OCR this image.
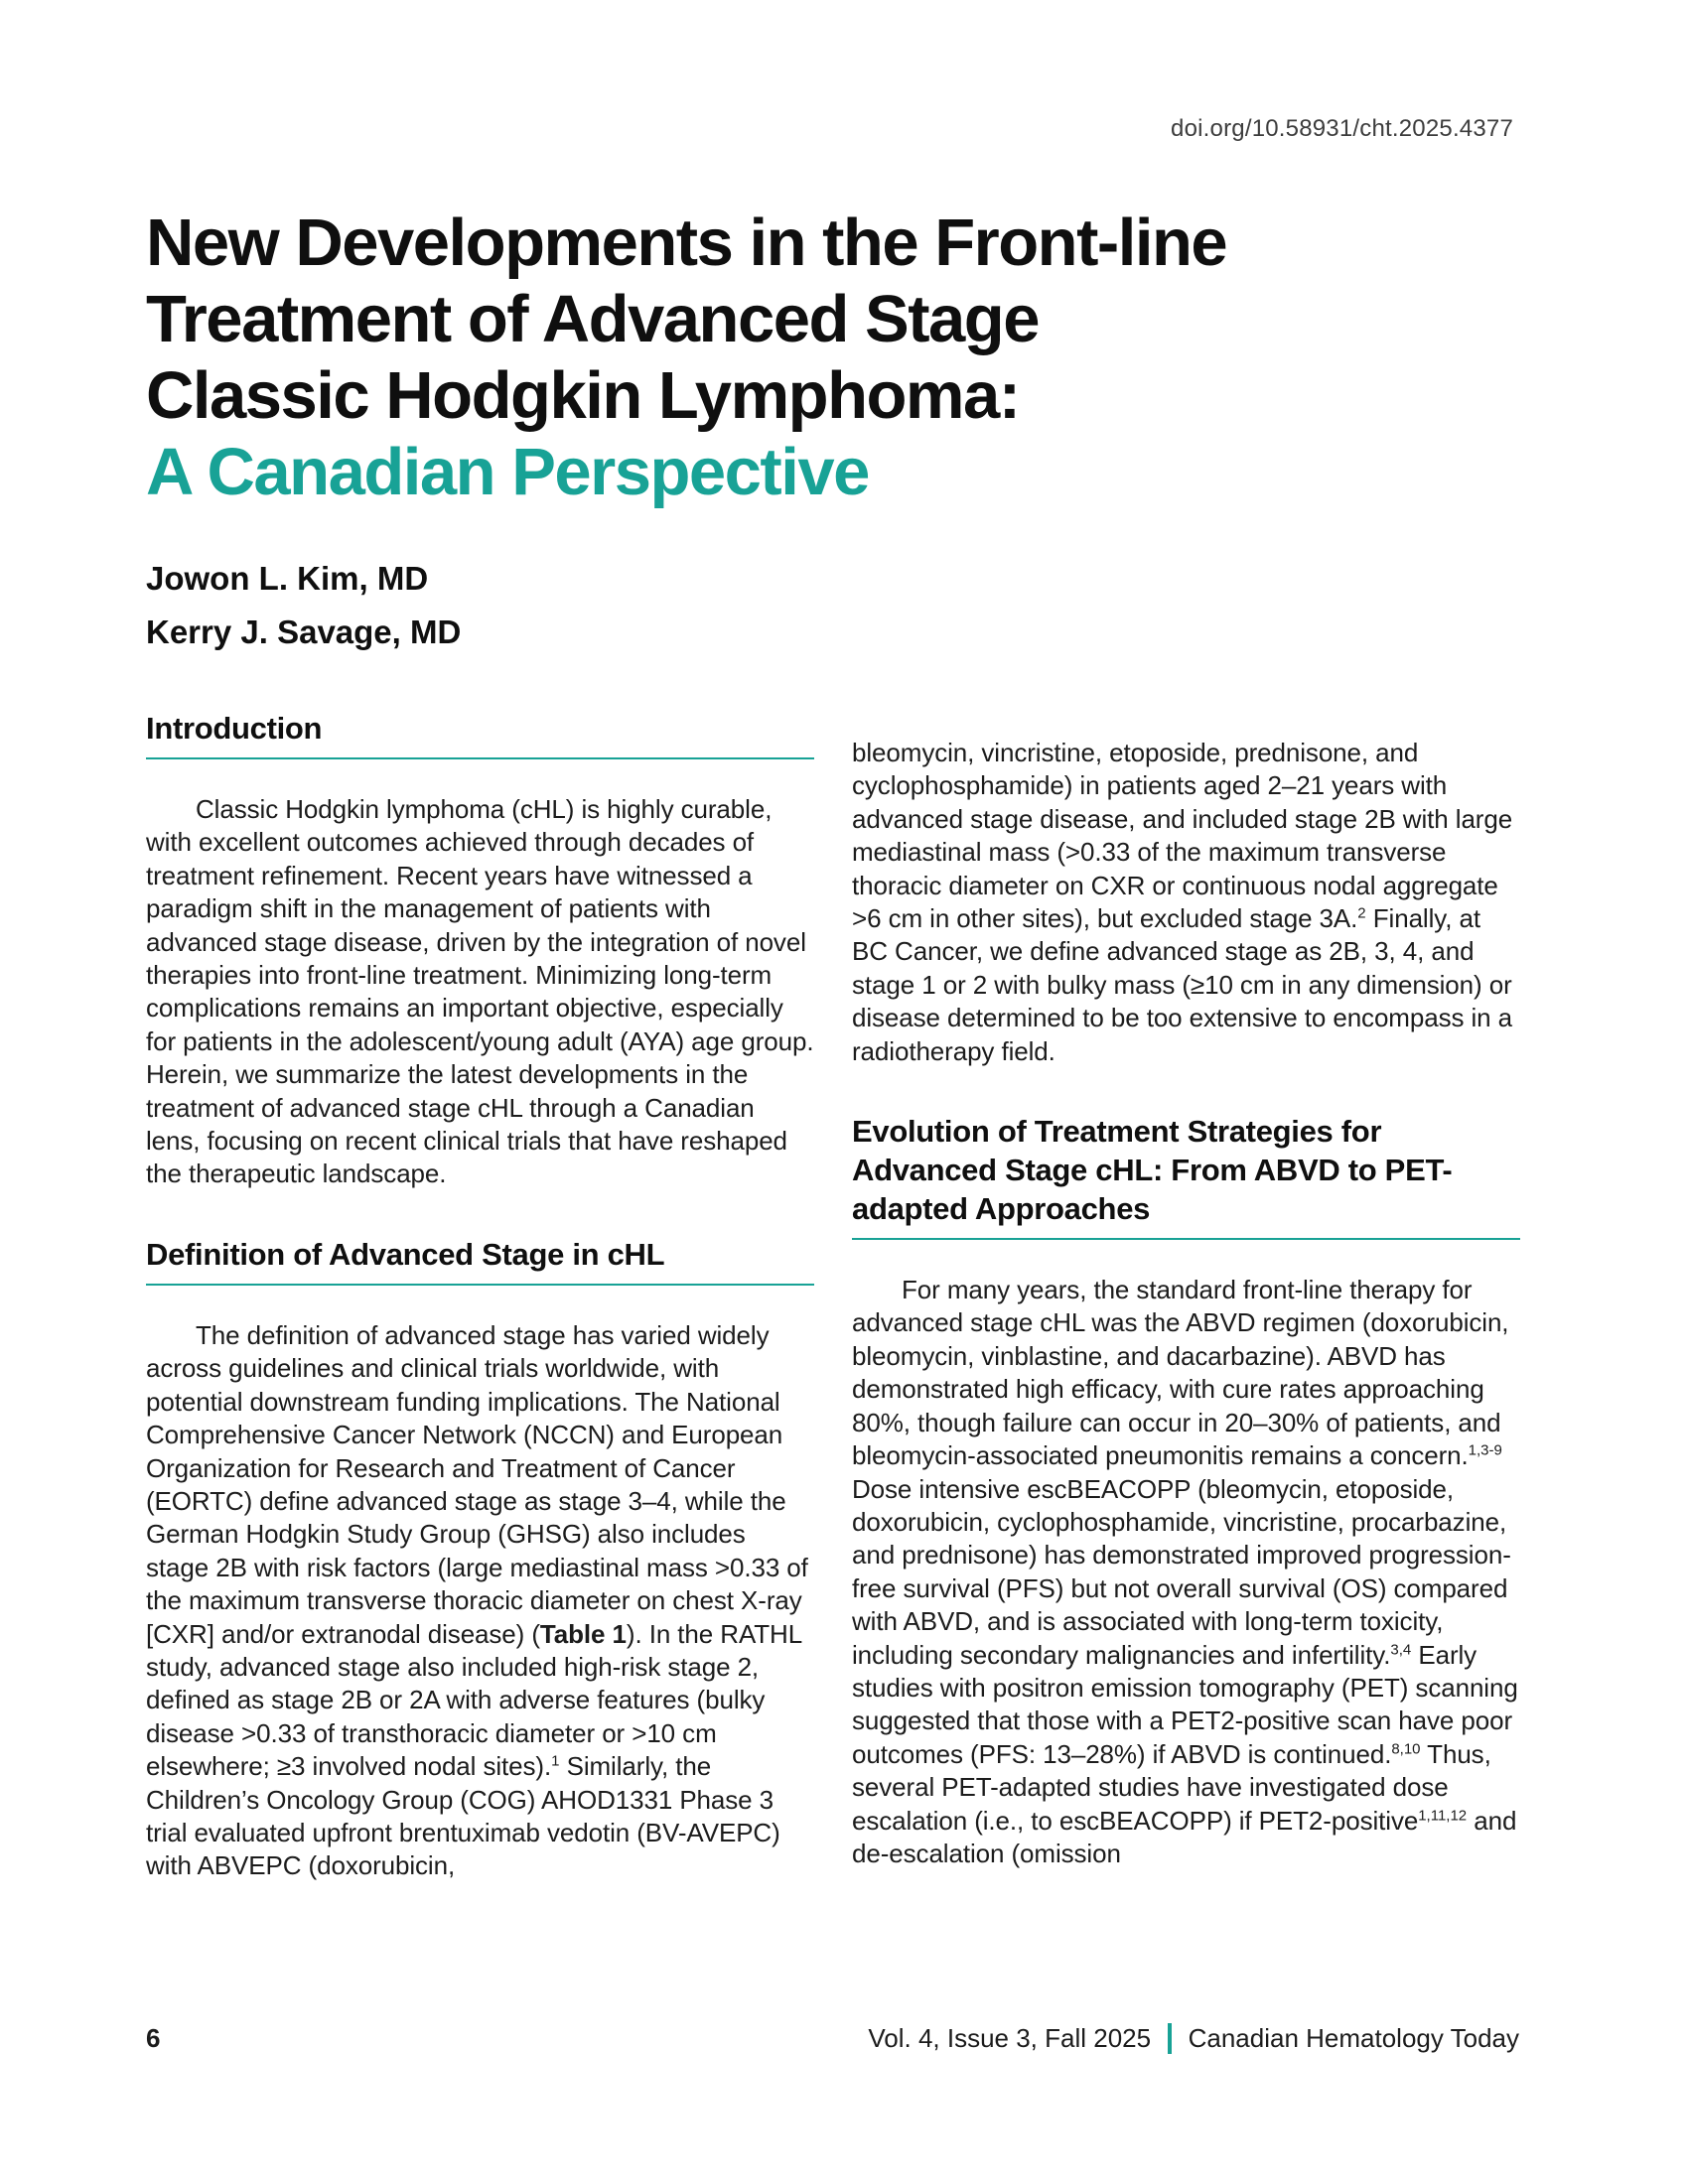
doi.org/10.58931/cht.2025.4377
New Developments in the Front-line
Treatment of Advanced Stage
Classic Hodgkin Lymphoma:
A Canadian Perspective
Jowon L. Kim, MD
Kerry J. Savage, MD
Introduction

Classic Hodgkin lymphoma (cHL) is highly curable, with excellent outcomes achieved through decades of treatment refinement. Recent years have witnessed a paradigm shift in the management of patients with advanced stage disease, driven by the integration of novel therapies into front-line treatment. Minimizing long-term complications remains an important objective, especially for patients in the adolescent/young adult (AYA) age group. Herein, we summarize the latest developments in the treatment of advanced stage cHL through a Canadian lens, focusing on recent clinical trials that have reshaped the therapeutic landscape.

Definition of Advanced Stage in cHL

The definition of advanced stage has varied widely across guidelines and clinical trials worldwide, with potential downstream funding implications. The National Comprehensive Cancer Network (NCCN) and European Organization for Research and Treatment of Cancer (EORTC) define advanced stage as stage 3–4, while the German Hodgkin Study Group (GHSG) also includes stage 2B with risk factors (large mediastinal mass >0.33 of the maximum transverse thoracic diameter on chest X-ray [CXR] and/or extranodal disease) (Table 1). In the RATHL study, advanced stage also included high-risk stage 2, defined as stage 2B or 2A with adverse features (bulky disease >0.33 of transthoracic diameter or >10 cm elsewhere; ≥3 involved nodal sites).$^1$ Similarly, the Children’s Oncology Group (COG) AHOD1331 Phase 3 trial evaluated upfront brentuximab vedotin (BV-AVEPC) with ABVEPC (doxorubicin,

bleomycin, vincristine, etoposide, prednisone, and cyclophosphamide) in patients aged 2–21 years with advanced stage disease, and included stage 2B with large mediastinal mass (>0.33 of the maximum transverse thoracic diameter on CXR or continuous nodal aggregate >6 cm in other sites), but excluded stage 3A.$^2$ Finally, at BC Cancer, we define advanced stage as 2B, 3, 4, and stage 1 or 2 with bulky mass (≥10 cm in any dimension) or disease determined to be too extensive to encompass in a radiotherapy field.

Evolution of Treatment Strategies for Advanced Stage cHL: From ABVD to PET-adapted Approaches

For many years, the standard front-line therapy for advanced stage cHL was the ABVD regimen (doxorubicin, bleomycin, vinblastine, and dacarbazine). ABVD has demonstrated high efficacy, with cure rates approaching 80%, though failure can occur in 20–30% of patients, and bleomycin-associated pneumonitis remains a concern.$^{1,3-9}$ Dose intensive escBEACOPP (bleomycin, etoposide, doxorubicin, cyclophosphamide, vincristine, procarbazine, and prednisone) has demonstrated improved progression-free survival (PFS) but not overall survival (OS) compared with ABVD, and is associated with long-term toxicity, including secondary malignancies and infertility.$^{3,4}$ Early studies with positron emission tomography (PET) scanning suggested that those with a PET2-positive scan have poor outcomes (PFS: 13–28%) if ABVD is continued.$^{8,10}$ Thus, several PET-adapted studies have investigated dose escalation (i.e., to escBEACOPP) if PET2-positive$^{1,11,12}$ and de-escalation (omission

6	Vol. 4, Issue 3, Fall 2025 Canadian Hematology Today
